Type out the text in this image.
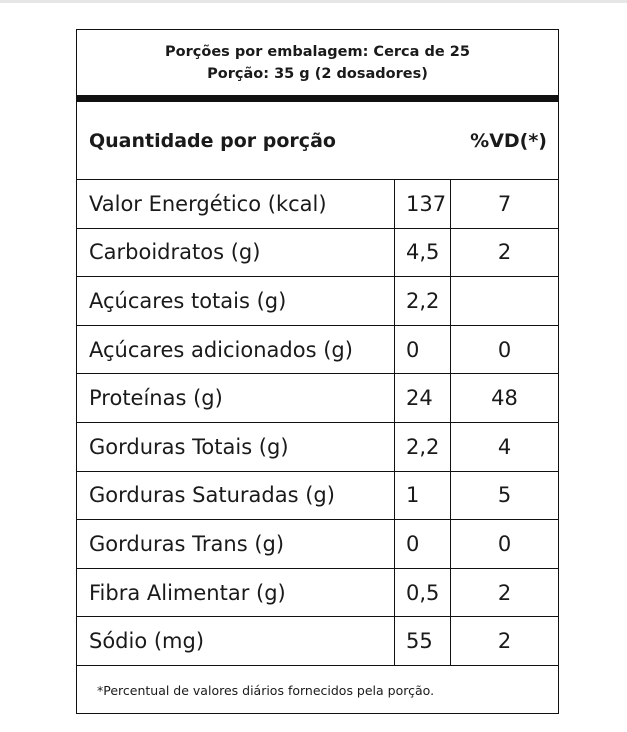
Porções por embalagem: Cerca de 25
Porção: 35 g (2 dosadores)
Quantidade por porção	%VD(*)
Valor Energético (kcal)	137	7
Carboidratos (g)	4,5	2
Açúcares totais (g)	2,2
Açúcares adicionados (g)	0	0
Proteínas (g)	24	48
Gorduras Totais (g)	2,2	4
Gorduras Saturadas (g)	1	5
Gorduras Trans (g)	0	0
Fibra Alimentar (g)	0,5	2
Sódio (mg)	55	2
*Percentual de valores diários fornecidos pela porção.
